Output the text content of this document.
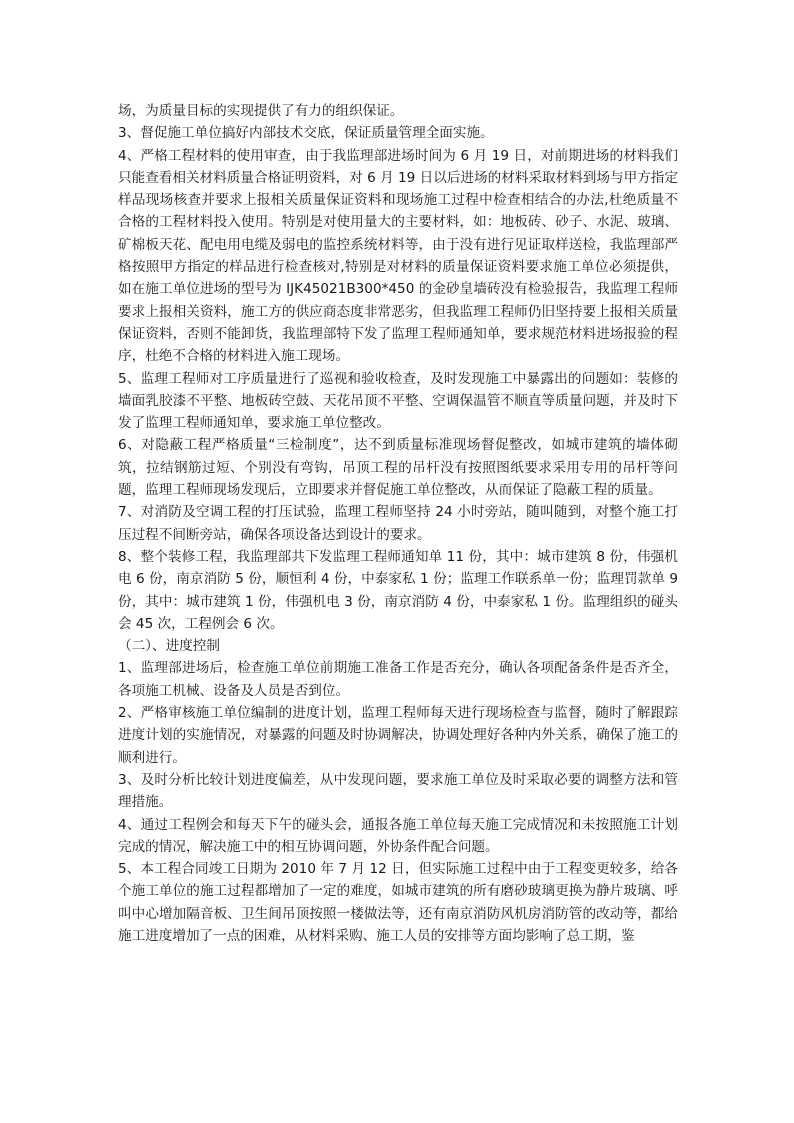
场，为质量目标的实现提供了有力的组织保证。

3、督促施工单位搞好内部技术交底，保证质量管理全面实施。

4、严格工程材料的使用审查，由于我监理部进场时间为 6 月 19 日，对前期进场的材料我们只能查看相关材料质量合格证明资料，对 6 月 19 日以后进场的材料采取材料到场与甲方指定样品现场核查并要求上报相关质量保证资料和现场施工过程中检查相结合的办法,杜绝质量不合格的工程材料投入使用。特别是对使用量大的主要材料，如：地板砖、砂子、水泥、玻璃、矿棉板天花、配电用电缆及弱电的监控系统材料等，由于没有进行见证取样送检，我监理部严格按照甲方指定的样品进行检查核对,特别是对材料的质量保证资料要求施工单位必须提供，如在施工单位进场的型号为 IJK45021B300*450 的金砂皇墙砖没有检验报告，我监理工程师要求上报相关资料，施工方的供应商态度非常恶劣，但我监理工程师仍旧坚持要上报相关质量保证资料，否则不能卸货，我监理部特下发了监理工程师通知单，要求规范材料进场报验的程序，杜绝不合格的材料进入施工现场。

5、监理工程师对工序质量进行了巡视和验收检查，及时发现施工中暴露出的问题如：装修的墙面乳胶漆不平整、地板砖空鼓、天花吊顶不平整、空调保温管不顺直等质量问题，并及时下发了监理工程师通知单，要求施工单位整改。

6、对隐蔽工程严格质量“三检制度”，达不到质量标准现场督促整改，如城市建筑的墙体砌筑，拉结钢筋过短、个别没有弯钩，吊顶工程的吊杆没有按照图纸要求采用专用的吊杆等问题，监理工程师现场发现后，立即要求并督促施工单位整改，从而保证了隐蔽工程的质量。

7、对消防及空调工程的打压试验，监理工程师坚持 24 小时旁站，随叫随到，对整个施工打压过程不间断旁站，确保各项设备达到设计的要求。

8、整个装修工程，我监理部共下发监理工程师通知单 11 份，其中：城市建筑 8 份，伟强机电 6 份，南京消防 5 份，顺恒利 4 份，中泰家私 1 份；监理工作联系单一份；监理罚款单 9 份，其中：城市建筑 1 份，伟强机电 3 份，南京消防 4 份，中泰家私 1 份。监理组织的碰头会 45 次，工程例会 6 次。

（二）、进度控制

1、监理部进场后，检查施工单位前期施工准备工作是否充分，确认各项配备条件是否齐全，各项施工机械、设备及人员是否到位。

2、严格审核施工单位编制的进度计划，监理工程师每天进行现场检查与监督，随时了解跟踪进度计划的实施情况，对暴露的问题及时协调解决，协调处理好各种内外关系，确保了施工的顺利进行。

3、及时分析比较计划进度偏差，从中发现问题，要求施工单位及时采取必要的调整方法和管理措施。

4、通过工程例会和每天下午的碰头会，通报各施工单位每天施工完成情况和未按照施工计划完成的情况，解决施工中的相互协调问题，外协条件配合问题。

5、本工程合同竣工日期为 2010 年 7 月 12 日，但实际施工过程中由于工程变更较多，给各个施工单位的施工过程都增加了一定的难度，如城市建筑的所有磨砂玻璃更换为静片玻璃、呼叫中心增加隔音板、卫生间吊顶按照一楼做法等，还有南京消防风机房消防管的改动等，都给施工进度增加了一点的困难，从材料采购、施工人员的安排等方面均影响了总工期，鉴
